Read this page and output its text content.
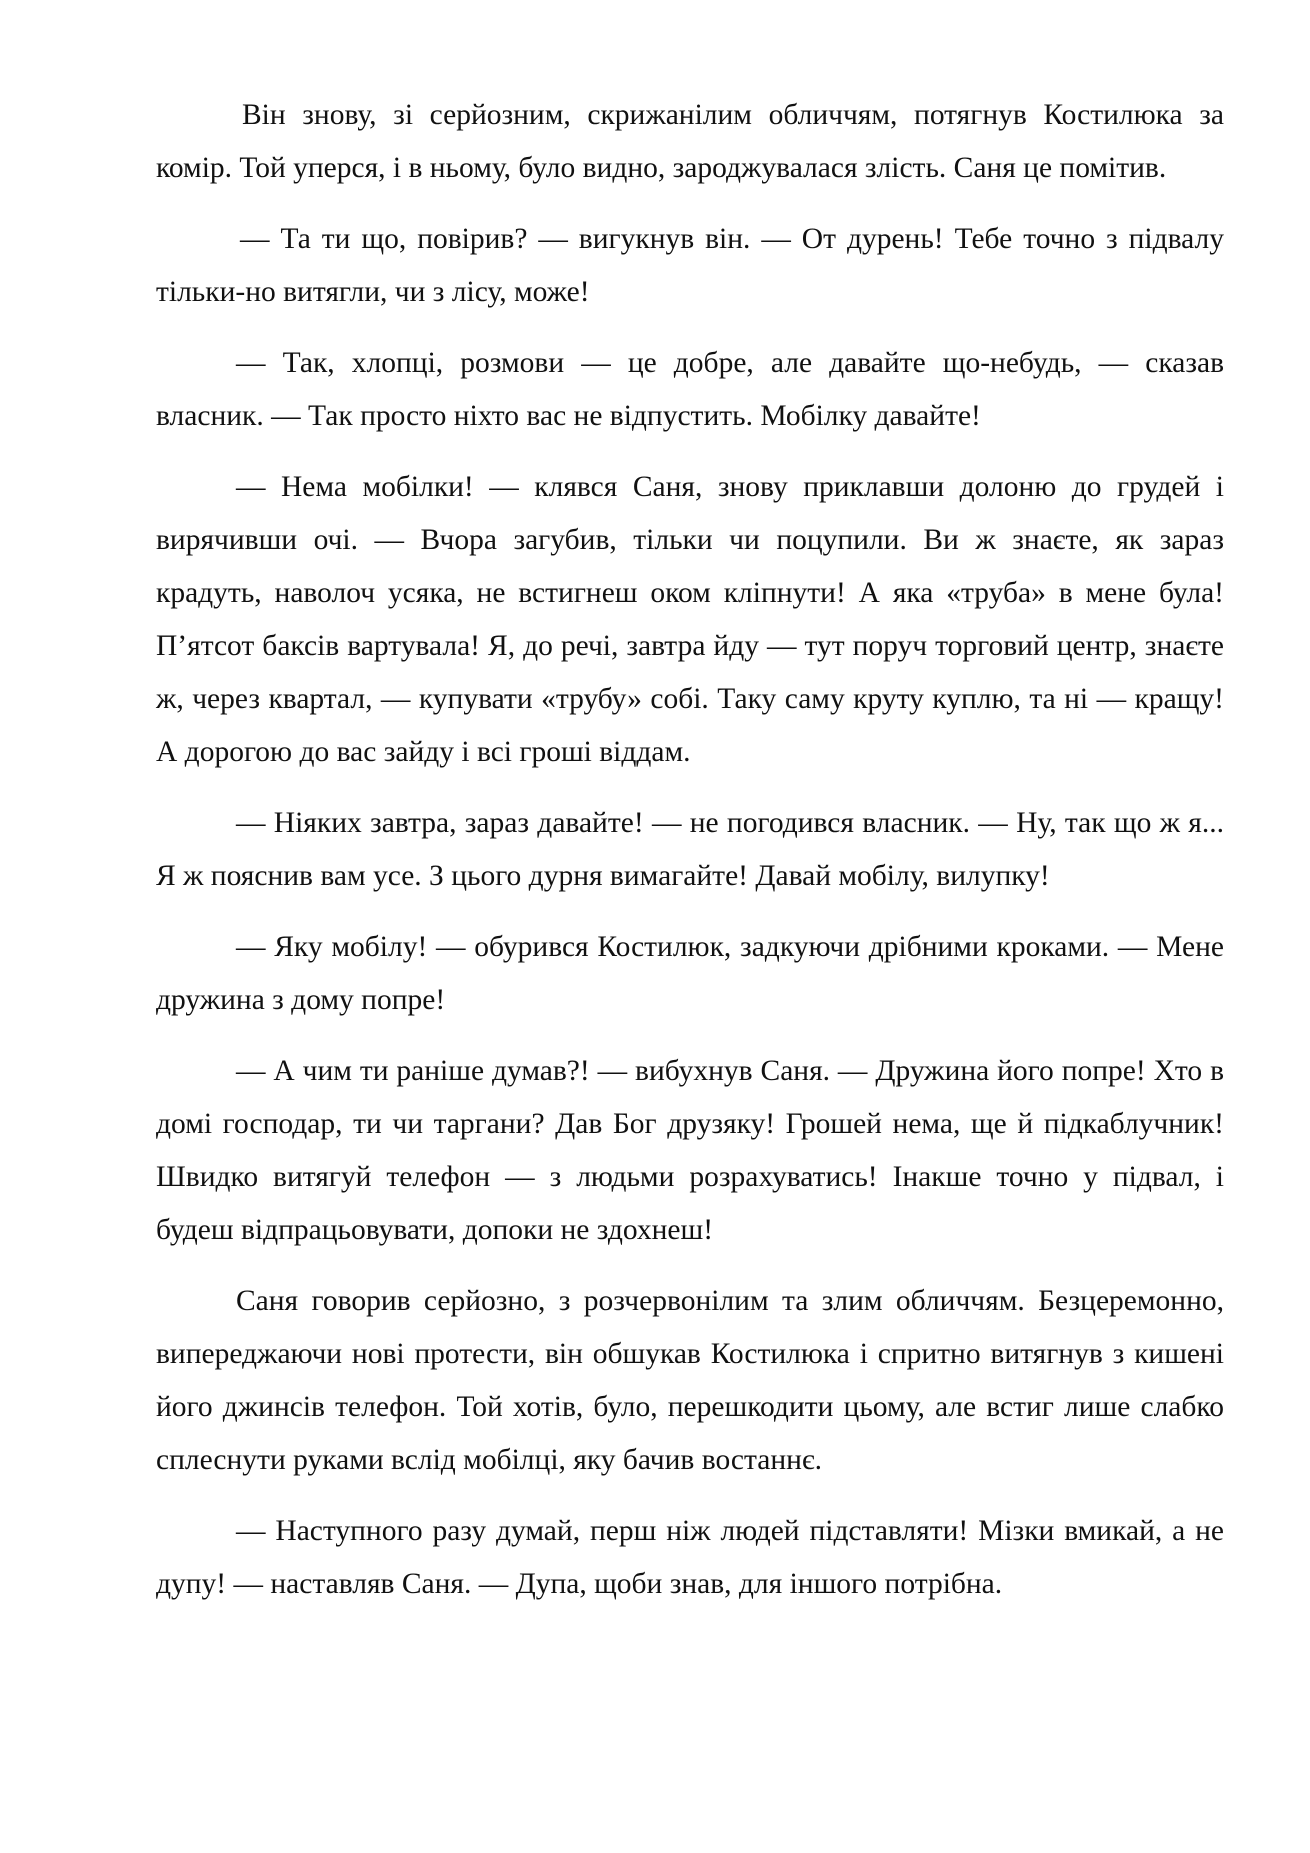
Він знову, зі серйозним, скрижанілим обличчям, потягнув Костилюка за комір. Той уперся, і в ньому, було видно, зароджувалася злість. Саня це помітив.

— Та ти що, повірив? — вигукнув він. — От дурень! Тебе точно з підвалу тільки-но витягли, чи з лісу, може!

— Так, хлопці, розмови — це добре, але давайте що-небудь, — сказав власник. — Так просто ніхто вас не відпустить. Мобілку давайте!

— Нема мобілки! — клявся Саня, знову приклавши долоню до грудей і вирячивши очі. — Вчора загубив, тільки чи поцупили. Ви ж знаєте, як зараз крадуть, наволоч усяка, не встигнеш оком кліпнути! А яка «труба» в мене була! П’ятсот баксів вартувала! Я, до речі, завтра йду — тут поруч торговий центр, знаєте ж, через квартал, — купувати «трубу» собі. Таку саму круту куплю, та ні — кращу! А дорогою до вас зайду і всі гроші віддам.

— Ніяких завтра, зараз давайте! — не погодився власник. — Ну, так що ж я... Я ж пояснив вам усе. З цього дурня вимагайте! Давай мобілу, вилупку!

— Яку мобілу! — обурився Костилюк, задкуючи дрібними кроками. — Мене дружина з дому попре!

— А чим ти раніше думав?! — вибухнув Саня. — Дружина його попре! Хто в домі господар, ти чи таргани? Дав Бог друзяку! Грошей нема, ще й підкаблучник! Швидко витягуй телефон — з людьми розрахуватись! Інакше точно у підвал, і будеш відпрацьовувати, допоки не здохнеш!

Саня говорив серйозно, з розчервонілим та злим обличчям. Безцеремонно, випереджаючи нові протести, він обшукав Костилюка і спритно витягнув з кишені його джинсів телефон. Той хотів, було, перешкодити цьому, але встиг лише слабко сплеснути руками вслід мобілці, яку бачив востаннє.

— Наступного разу думай, перш ніж людей підставляти! Мізки вмикай, а не дупу! — наставляв Саня. — Дупа, щоби знав, для іншого потрібна.
